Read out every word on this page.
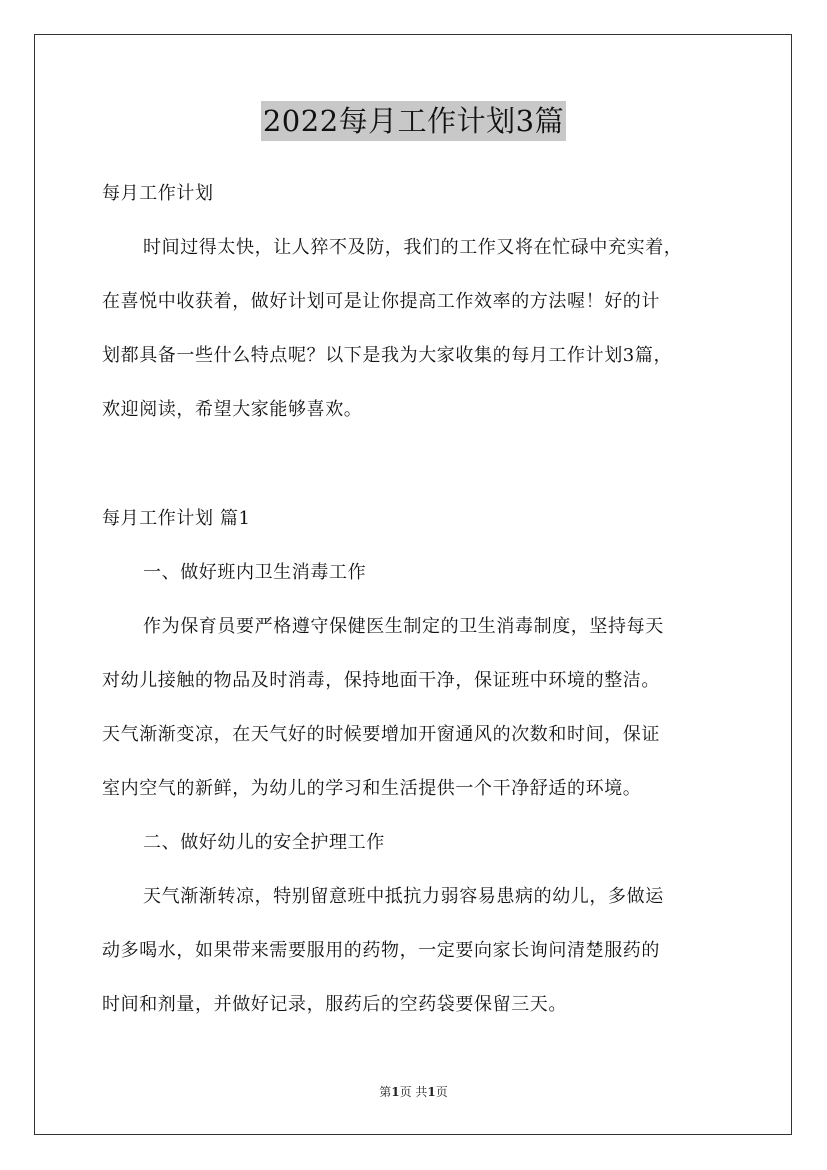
2022每月工作计划3篇
每月工作计划
时间过得太快，让人猝不及防，我们的工作又将在忙碌中充实着，
在喜悦中收获着，做好计划可是让你提高工作效率的方法喔！好的计
划都具备一些什么特点呢？以下是我为大家收集的每月工作计划3篇，
欢迎阅读，希望大家能够喜欢。
每月工作计划 篇1
一、做好班内卫生消毒工作
作为保育员要严格遵守保健医生制定的卫生消毒制度，坚持每天
对幼儿接触的物品及时消毒，保持地面干净，保证班中环境的整洁。
天气渐渐变凉，在天气好的时候要增加开窗通风的次数和时间，保证
室内空气的新鲜，为幼儿的学习和生活提供一个干净舒适的环境。
二、做好幼儿的安全护理工作
天气渐渐转凉，特别留意班中抵抗力弱容易患病的幼儿，多做运
动多喝水，如果带来需要服用的药物，一定要向家长询问清楚服药的
时间和剂量，并做好记录，服药后的空药袋要保留三天。
第1页 共1页
